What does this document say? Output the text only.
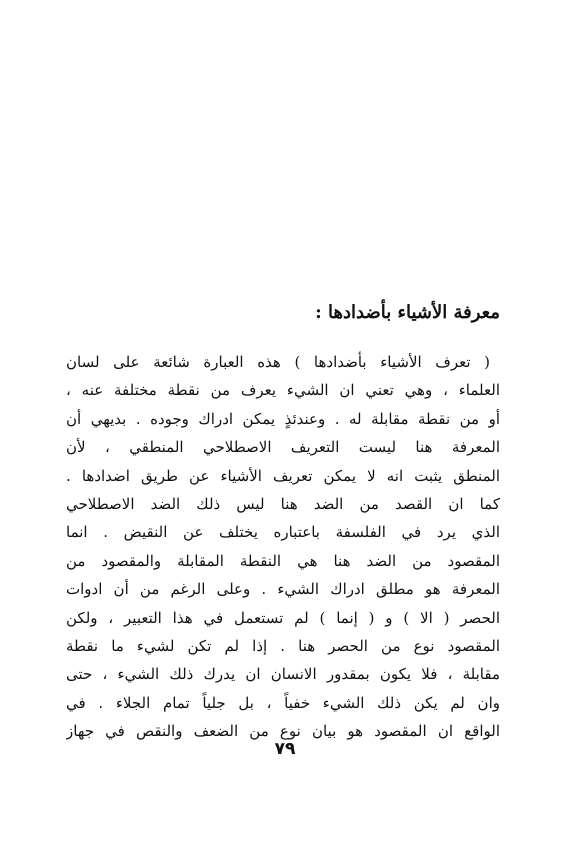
معرفة الأشياء بأضدادها :
( تعرف الأشياء بأضدادها ) هذه العبارة شائعة على لسان
العلماء ، وهي تعني ان الشيء يعرف من نقطة مختلفة عنه ،
أو من نقطة مقابلة له . وعندئذٍ يمكن ادراك وجوده . بديهي أن
المعرفة هنا ليست التعريف الاصطلاحي المنطقي ، لأن
المنطق يثبت انه لا يمكن تعريف الأشياء عن طريق اضدادها .
كما ان القصد من الضد هنا ليس ذلك الضد الاصطلاحي
الذي يرد في الفلسفة باعتباره يختلف عن النقيض . انما
المقصود من الضد هنا هي النقطة المقابلة والمقصود من
المعرفة هو مطلق ادراك الشيء . وعلى الرغم من أن ادوات
الحصر ( الا ) و ( إنما ) لم تستعمل في هذا التعبير ، ولكن
المقصود نوع من الحصر هنا . إذا لم تكن لشيء ما نقطة
مقابلة ، فلا يكون بمقدور الانسان ان يدرك ذلك الشيء ، حتى
وان لم يكن ذلك الشيء خفياً ، بل جلياً تمام الجلاء . في
الواقع ان المقصود هو بيان نوع من الضعف والنقص في جهاز
٧٩
